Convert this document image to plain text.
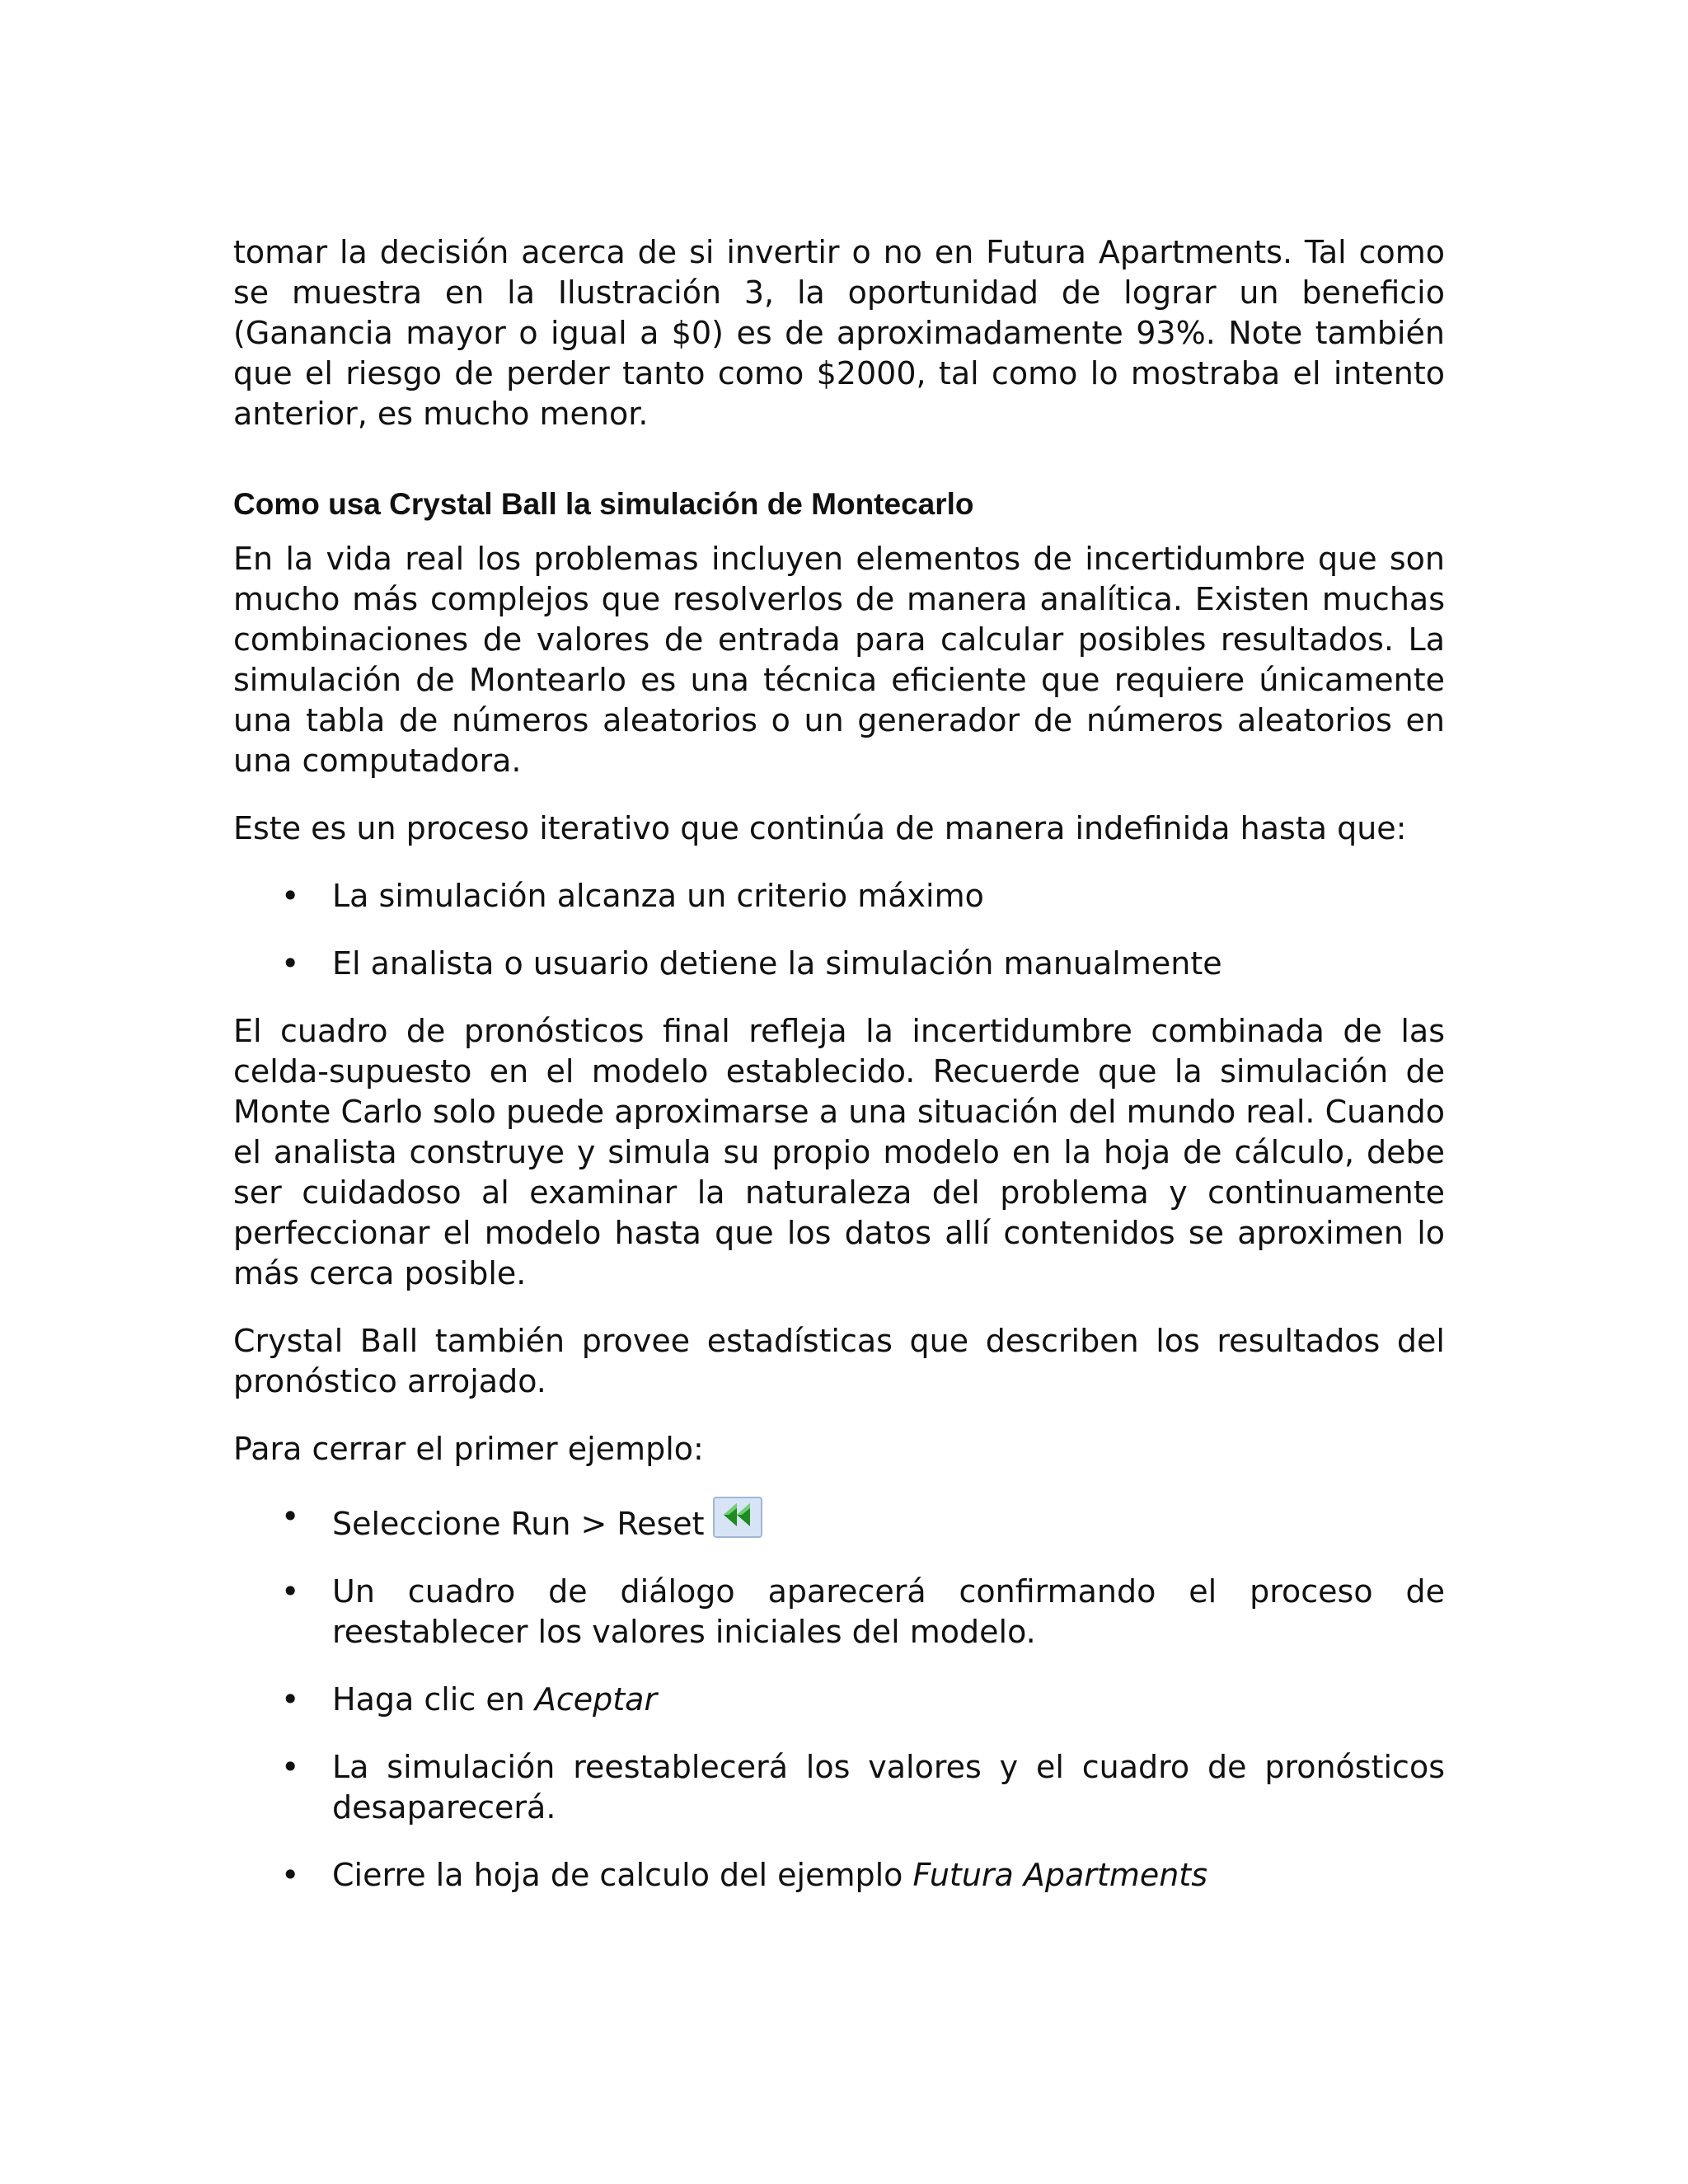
tomar la decisión acerca de si invertir o no en Futura Apartments. Tal como se muestra en la Ilustración 3, la oportunidad de lograr un beneficio (Ganancia mayor o igual a $0) es de aproximadamente 93%. Note también que el riesgo de perder tanto como $2000, tal como lo mostraba el intento anterior, es mucho menor.

Como usa Crystal Ball la simulación de Montecarlo

En la vida real los problemas incluyen elementos de incertidumbre que son mucho más complejos que resolverlos de manera analítica. Existen muchas combinaciones de valores de entrada para calcular posibles resultados. La simulación de Montearlo es una técnica eficiente que requiere únicamente una tabla de números aleatorios o un generador de números aleatorios en una computadora.

Este es un proceso iterativo que continúa de manera indefinida hasta que:

• La simulación alcanza un criterio máximo
• El analista o usuario detiene la simulación manualmente

El cuadro de pronósticos final refleja la incertidumbre combinada de las celda-supuesto en el modelo establecido. Recuerde que la simulación de Monte Carlo solo puede aproximarse a una situación del mundo real. Cuando el analista construye y simula su propio modelo en la hoja de cálculo, debe ser cuidadoso al examinar la naturaleza del problema y continuamente perfeccionar el modelo hasta que los datos allí contenidos se aproximen lo más cerca posible.

Crystal Ball también provee estadísticas que describen los resultados del pronóstico arrojado.

Para cerrar el primer ejemplo:

• Seleccione Run > Reset
• Un cuadro de diálogo aparecerá confirmando el proceso de reestablecer los valores iniciales del modelo.
• Haga clic en Aceptar
• La simulación reestablecerá los valores y el cuadro de pronósticos desaparecerá.
• Cierre la hoja de calculo del ejemplo Futura Apartments
